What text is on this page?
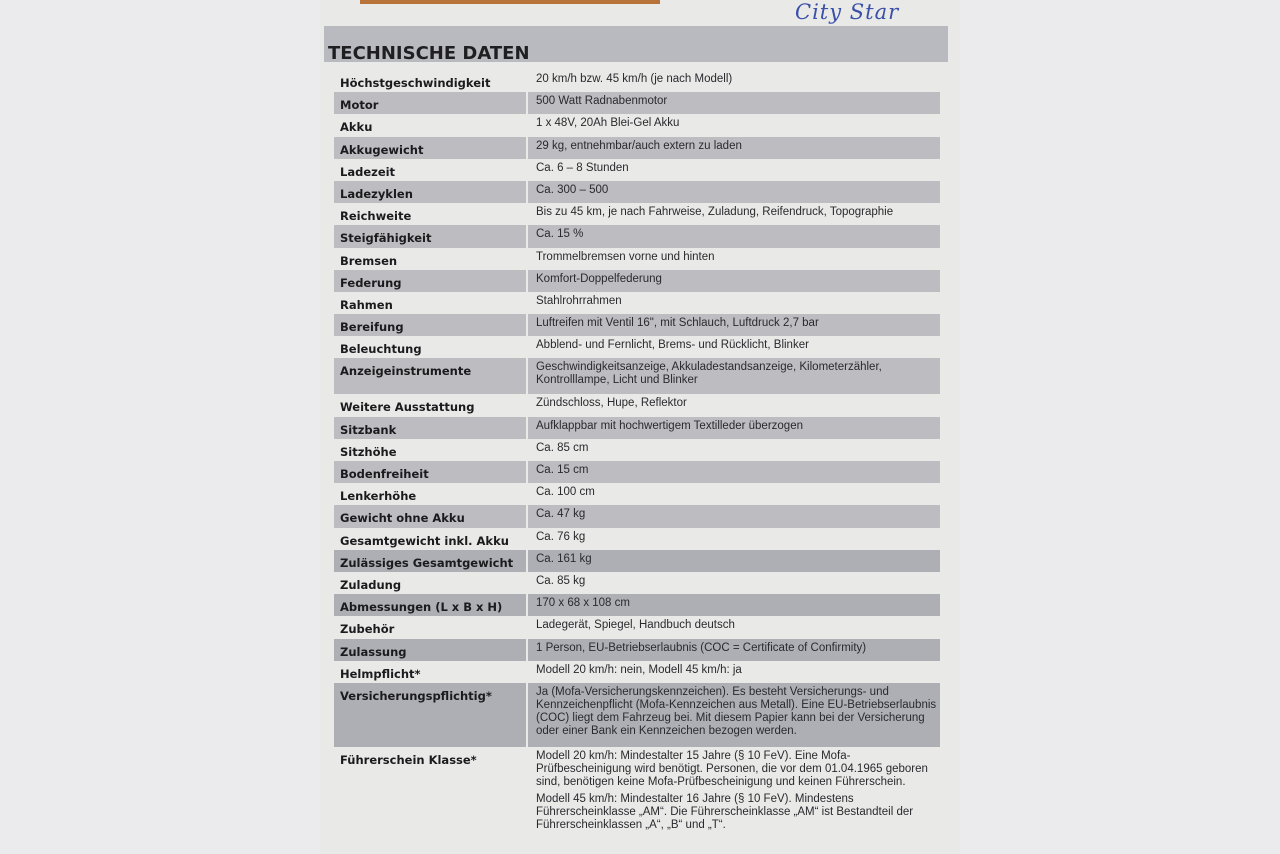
City Star
TECHNISCHE DATEN
Höchstgeschwindigkeit	20 km/h bzw. 45 km/h (je nach Modell)
Motor	500 Watt Radnabenmotor
Akku	1 x 48V, 20Ah Blei-Gel Akku
Akkugewicht	29 kg, entnehmbar/auch extern zu laden
Ladezeit	Ca. 6 – 8 Stunden
Ladezyklen	Ca. 300 – 500
Reichweite	Bis zu 45 km, je nach Fahrweise, Zuladung, Reifendruck, Topographie
Steigfähigkeit	Ca. 15 %
Bremsen	Trommelbremsen vorne und hinten
Federung	Komfort-Doppelfederung
Rahmen	Stahlrohrrahmen
Bereifung	Luftreifen mit Ventil 16", mit Schlauch, Luftdruck 2,7 bar
Beleuchtung	Abblend- und Fernlicht, Brems- und Rücklicht, Blinker
Anzeigeinstrumente	Geschwindigkeitsanzeige, Akkuladestandsanzeige, Kilometerzähler, Kontrolllampe, Licht und Blinker
Weitere Ausstattung	Zündschloss, Hupe, Reflektor
Sitzbank	Aufklappbar mit hochwertigem Textilleder überzogen
Sitzhöhe	Ca. 85 cm
Bodenfreiheit	Ca. 15 cm
Lenkerhöhe	Ca. 100 cm
Gewicht ohne Akku	Ca. 47 kg
Gesamtgewicht inkl. Akku	Ca. 76 kg
Zulässiges Gesamtgewicht	Ca. 161 kg
Zuladung	Ca. 85 kg
Abmessungen (L x B x H)	170 x 68 x 108 cm
Zubehör	Ladegerät, Spiegel, Handbuch deutsch
Zulassung	1 Person, EU-Betriebserlaubnis (COC = Certificate of Confirmity)
Helmpflicht*	Modell 20 km/h: nein, Modell 45 km/h: ja
Versicherungspflichtig*	Ja (Mofa-Versicherungskennzeichen). Es besteht Versicherungs- und Kennzeichenpflicht (Mofa-Kennzeichen aus Metall). Eine EU-Betriebserlaubnis (COC) liegt dem Fahrzeug bei. Mit diesem Papier kann bei der Versicherung oder einer Bank ein Kennzeichen bezogen werden.
Führerschein Klasse*	Modell 20 km/h: Mindestalter 15 Jahre (§ 10 FeV). Eine Mofa-Prüfbescheinigung wird benötigt. Personen, die vor dem 01.04.1965 geboren sind, benötigen keine Mofa-Prüfbescheinigung und keinen Führerschein.
Modell 45 km/h: Mindestalter 16 Jahre (§ 10 FeV). Mindestens Führerscheinklasse „AM“. Die Führerscheinklasse „AM“ ist Bestandteil der Führerscheinklassen „A“, „B“ und „T“.
